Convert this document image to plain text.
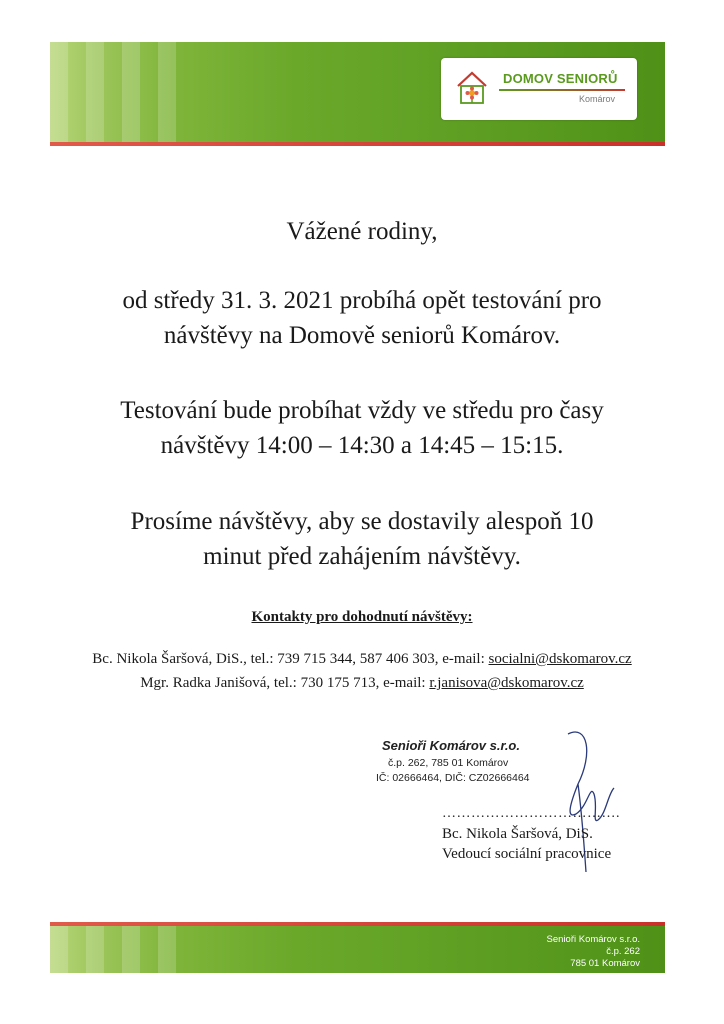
DOMOV SENIORŮ
Komárov
Vážené rodiny,
od středy 31. 3. 2021 probíhá opět testování pro
návštěvy na Domově seniorů Komárov.
Testování bude probíhat vždy ve středu pro časy
návštěvy 14:00 – 14:30 a 14:45 – 15:15.
Prosíme návštěvy, aby se dostavily alespoň 10
minut před zahájením návštěvy.
Kontakty pro dohodnutí návštěvy:
Bc. Nikola Šaršová, DiS., tel.: 739 715 344, 587 406 303, e-mail: socialni@dskomarov.cz
Mgr. Radka Janišová, tel.: 730 175 713, e-mail: r.janisova@dskomarov.cz
Senioři Komárov s.r.o.
č.p. 262, 785 01 Komárov
IČ: 02666464, DIČ: CZ02666464
……………………………….
Bc. Nikola Šaršová, DiS.
Vedoucí sociální pracovnice
Senioři Komárov s.r.o.
č.p. 262
785 01 Komárov
